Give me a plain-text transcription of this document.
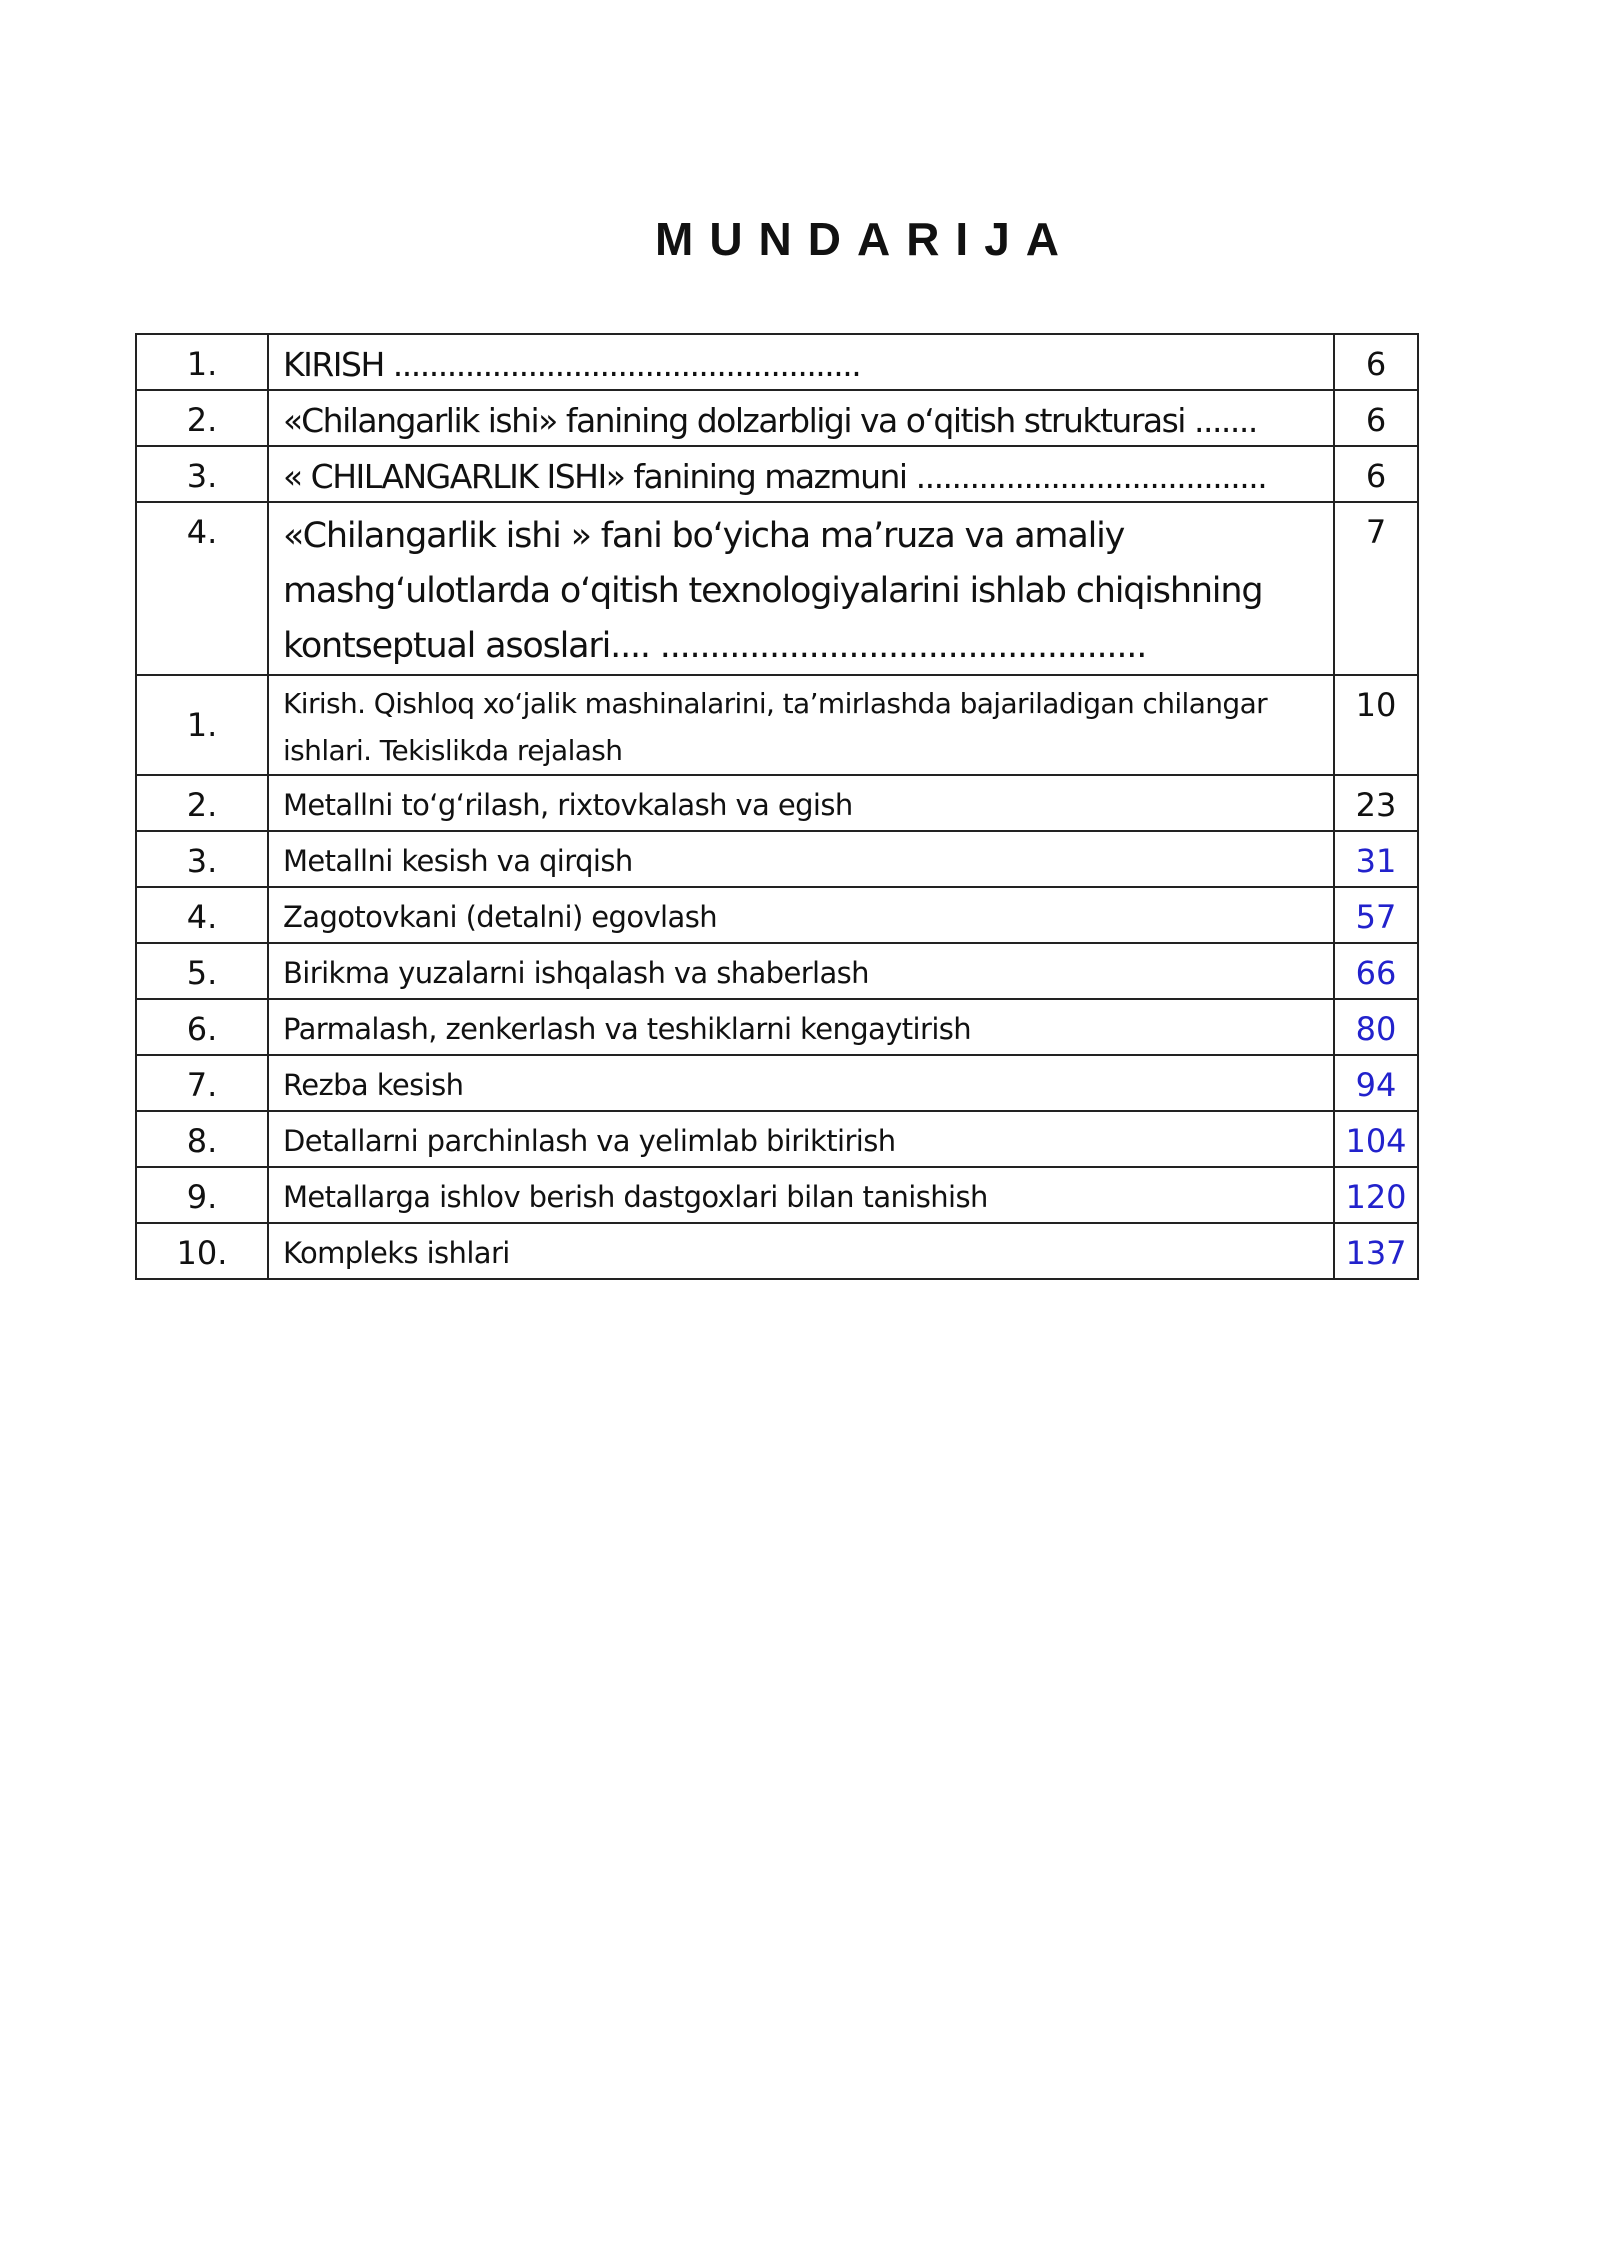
MUNDARIJA
1.	KIRISH ....................................................	6
2.	«Chilangarlik ishi» fanining dolzarbligi va o‘qitish strukturasi .......	6
3.	« CHILANGARLIK ISHI» fanining mazmuni .......................................	6
4.	«Chilangarlik ishi » fani bo‘yicha ma’ruza va amaliy mashg‘ulotlarda o‘qitish texnologiyalarini ishlab chiqishning kontseptual asoslari.... .................................................	7
1.	Kirish. Qishloq xo‘jalik mashinalarini, ta’mirlashda bajariladigan chilangar ishlari. Tekislikda rejalash	10
2.	Metallni to‘g‘rilash, rixtovkalash va egish	23
3.	Metallni kesish va qirqish	31
4.	Zagotovkani (detalni) egovlash	57
5.	Birikma yuzalarni ishqalash va shaberlash	66
6.	Parmalash, zenkerlash va teshiklarni kengaytirish	80
7.	Rezba kesish	94
8.	Detallarni parchinlash va yelimlab biriktirish	104
9.	Metallarga ishlov berish dastgoxlari bilan tanishish	120
10.	Kompleks ishlari	137
